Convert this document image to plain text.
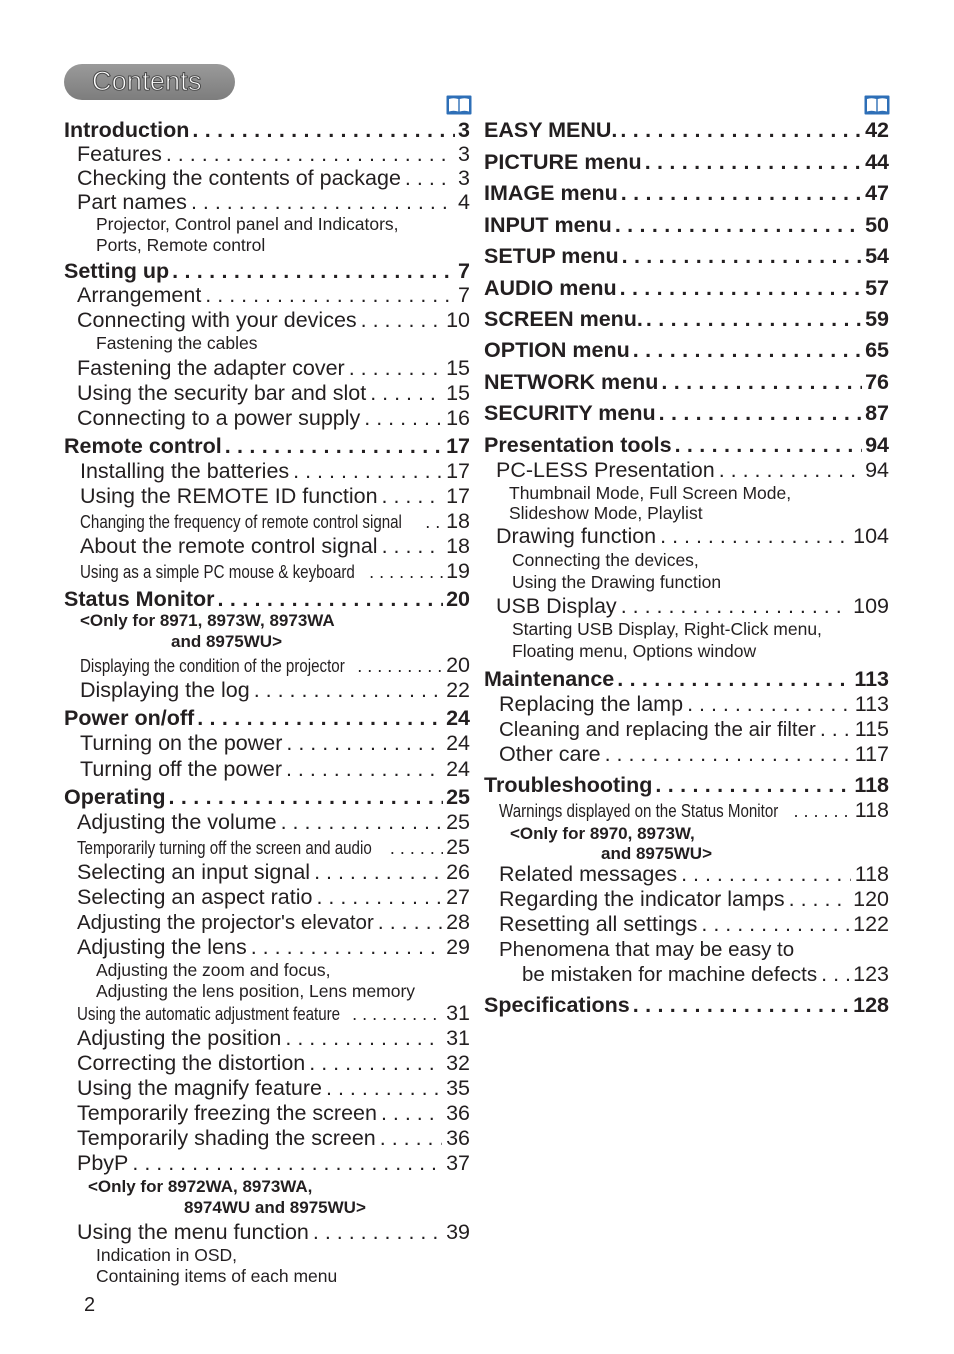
Contents
Introduction . . .	3
Features . . .	3
Checking the contents of package . . .	3
Part names . . .	4
Projector, Control panel and Indicators,
Ports, Remote control
Setting up . . .	7
Arrangement . . .	7
Connecting with your devices . . .	10
Fastening the cables
Fastening the adapter cover . . .	15
Using the security bar and slot . . .	15
Connecting to a power supply . . .	16
Remote control . . .	17
Installing the batteries . . .	17
Using the REMOTE ID function . . .	17
Changing the frequency of remote control signal . . . 18
About the remote control signal . . .	18
Using as a simple PC mouse & keyboard . . .	19
Status Monitor . . .	20
<Only for 8971, 8973W, 8973WA
and 8975WU>
Displaying the condition of the projector . . .	20
Displaying the log . . .	22
Power on/off . . .	24
Turning on the power . . .	24
Turning off the power . . .	24
Operating . . .	25
Adjusting the volume . . .	25
Temporarily turning off the screen and audio . . .	25
Selecting an input signal . . .	26
Selecting an aspect ratio . . .	27
Adjusting the projector's elevator . . .	28
Adjusting the lens . . .	29
Adjusting the zoom and focus,
Adjusting the lens position, Lens memory
Using the automatic adjustment feature . . .	31
Adjusting the position . . .	31
Correcting the distortion . . .	32
Using the magnify feature . . .	35
Temporarily freezing the screen . . .	36
Temporarily shading the screen . . .	36
PbyP . . .	37
<Only for 8972WA, 8973WA,
8974WU and 8975WU>
Using the menu function . . .	39
Indication in OSD,
Containing items of each menu
EASY MENU. . . .	42
PICTURE menu . . .	44
IMAGE menu . . .	47
INPUT menu . . .	50
SETUP menu . . .	54
AUDIO menu . . .	57
SCREEN menu. . . .	59
OPTION menu . . .	65
NETWORK menu . . .	76
SECURITY menu . . .	87
Presentation tools . . .	94
PC-LESS Presentation . . .	94
Thumbnail Mode, Full Screen Mode,
Slideshow Mode, Playlist
Drawing function . . .	104
Connecting the devices,
Using the Drawing function
USB Display . . .	109
Starting USB Display, Right-Click menu,
Floating menu, Options window
Maintenance . . .	113
Replacing the lamp . . .	113
Cleaning and replacing the air filter . . . 115
Other care . . .	117
Troubleshooting . . .	118
Warnings displayed on the Status Monitor . . .	118
<Only for 8970, 8973W,
and 8975WU>
Related messages . . .	118
Regarding the indicator lamps . . .	120
Resetting all settings . . .	122
Phenomena that may be easy to
be mistaken for machine defects . . . 123
Specifications . . .	128
2
